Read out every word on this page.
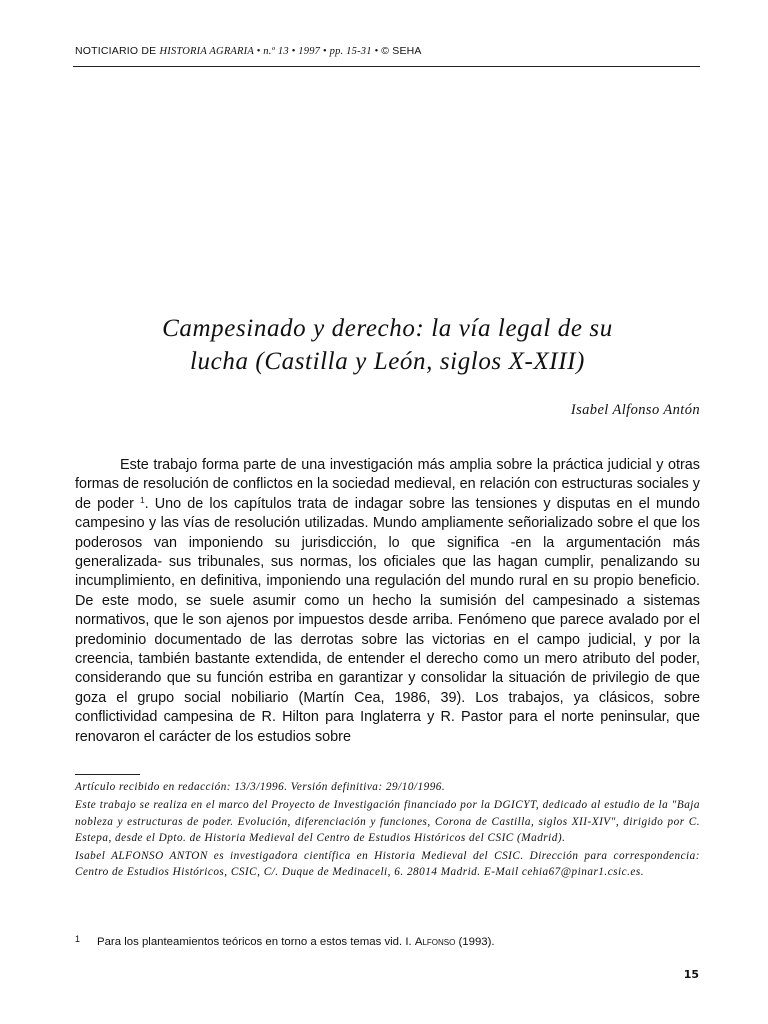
NOTICIARIO DE HISTORIA AGRARIA • n.º 13 • 1997 • pp. 15-31 • © SEHA
Campesinado y derecho: la vía legal de su
lucha (Castilla y León, siglos X-XIII)
Isabel Alfonso Antón

Este trabajo forma parte de una investigación más amplia sobre la práctica judicial y otras formas de resolución de conflictos en la sociedad medieval, en relación con estructuras sociales y de poder $^1$. Uno de los capítulos trata de indagar sobre las tensiones y disputas en el mundo campesino y las vías de resolución utilizadas. Mundo ampliamente señorializado sobre el que los poderosos van imponiendo su jurisdicción, lo que significa -en la argumentación más generalizada- sus tribunales, sus normas, los oficiales que las hagan cumplir, penalizando su incumplimiento, en definitiva, imponiendo una regulación del mundo rural en su propio beneficio. De este modo, se suele asumir como un hecho la sumisión del campesinado a sistemas normativos, que le son ajenos por impuestos desde arriba. Fenómeno que parece avalado por el predominio documentado de las derrotas sobre las victorias en el campo judicial, y por la creencia, también bastante extendida, de entender el derecho como un mero atributo del poder, considerando que su función estriba en garantizar y consolidar la situación de privilegio de que goza el grupo social nobiliario (Martín Cea, 1986, 39). Los trabajos, ya clásicos, sobre conflictividad campesina de R. Hilton para Inglaterra y R. Pastor para el norte peninsular, que renovaron el carácter de los estudios sobre

Artículo recibido en redacción: 13/3/1996. Versión definitiva: 29/10/1996.

Este trabajo se realiza en el marco del Proyecto de Investigación financiado por la DGICYT, dedicado al estudio de la "Baja nobleza y estructuras de poder. Evolución, diferenciación y funciones, Corona de Castilla, siglos XII-XIV", dirigido por C. Estepa, desde el Dpto. de Historia Medieval del Centro de Estudios Históricos del CSIC (Madrid).

Isabel ALFONSO ANTON es investigadora científica en Historia Medieval del CSIC. Dirección para correspondencia: Centro de Estudios Históricos, CSIC, C/. Duque de Medinaceli, 6. 28014 Madrid. E-Mail cehia67@pinar1.csic.es.

1 Para los planteamientos teóricos en torno a estos temas vid. I. Alfonso (1993).
15
